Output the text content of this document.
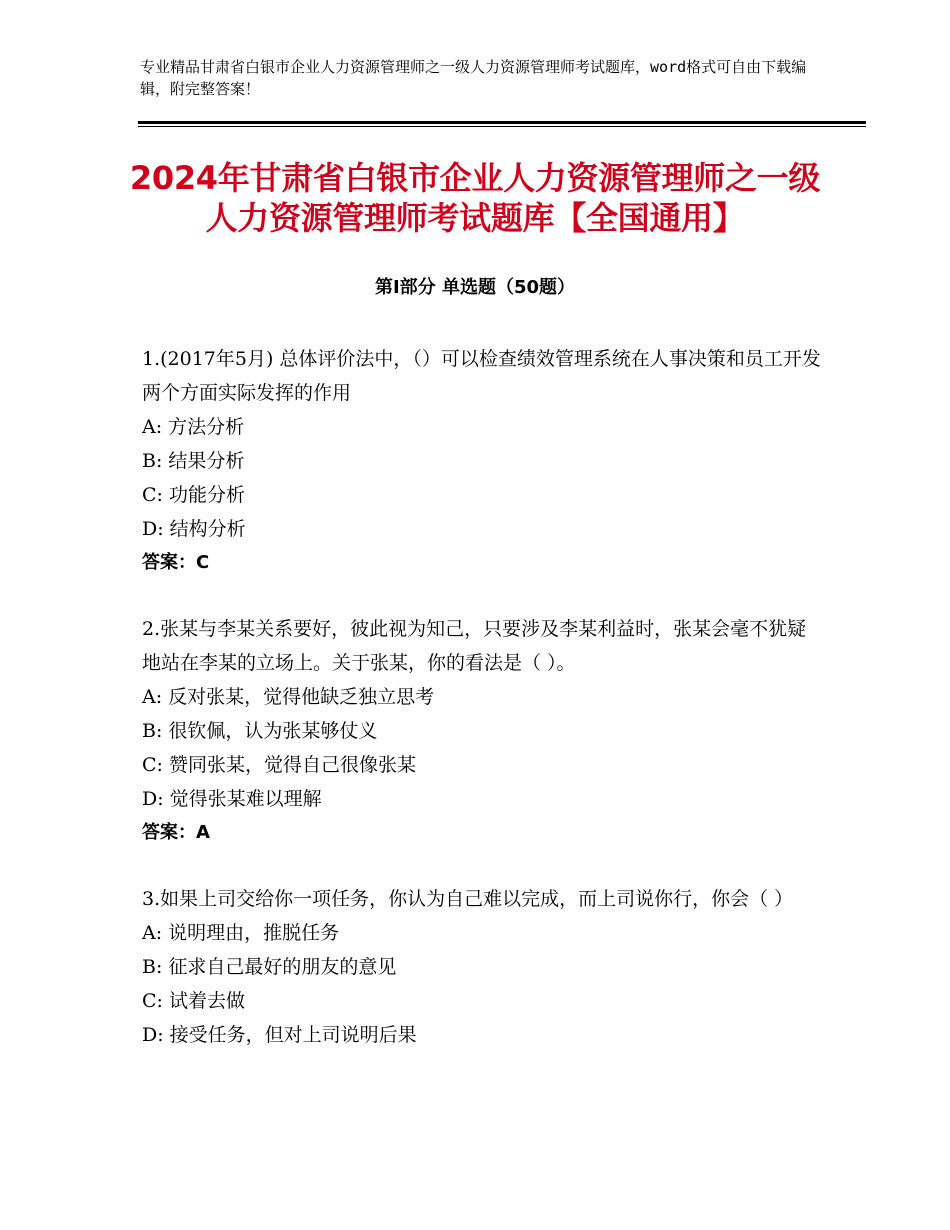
专业精品甘肃省白银市企业人力资源管理师之一级人力资源管理师考试题库，word格式可自由下载编辑，附完整答案！
2024年甘肃省白银市企业人力资源管理师之一级人力资源管理师考试题库【全国通用】
第Ⅰ部分 单选题（50题）

1.(2017年5月) 总体评价法中，（）可以检查绩效管理系统在人事决策和员工开发两个方面实际发挥的作用

A: 方法分析

B: 结果分析

C: 功能分析

D: 结构分析

答案：C

2.张某与李某关系要好，彼此视为知己，只要涉及李某利益时，张某会毫不犹疑地站在李某的立场上。关于张某，你的看法是（ ）。

A: 反对张某，觉得他缺乏独立思考

B: 很钦佩，认为张某够仗义

C: 赞同张某，觉得自己很像张某

D: 觉得张某难以理解

答案：A

3.如果上司交给你一项任务，你认为自己难以完成，而上司说你行，你会（ ）

A: 说明理由，推脱任务

B: 征求自己最好的朋友的意见

C: 试着去做

D: 接受任务，但对上司说明后果
